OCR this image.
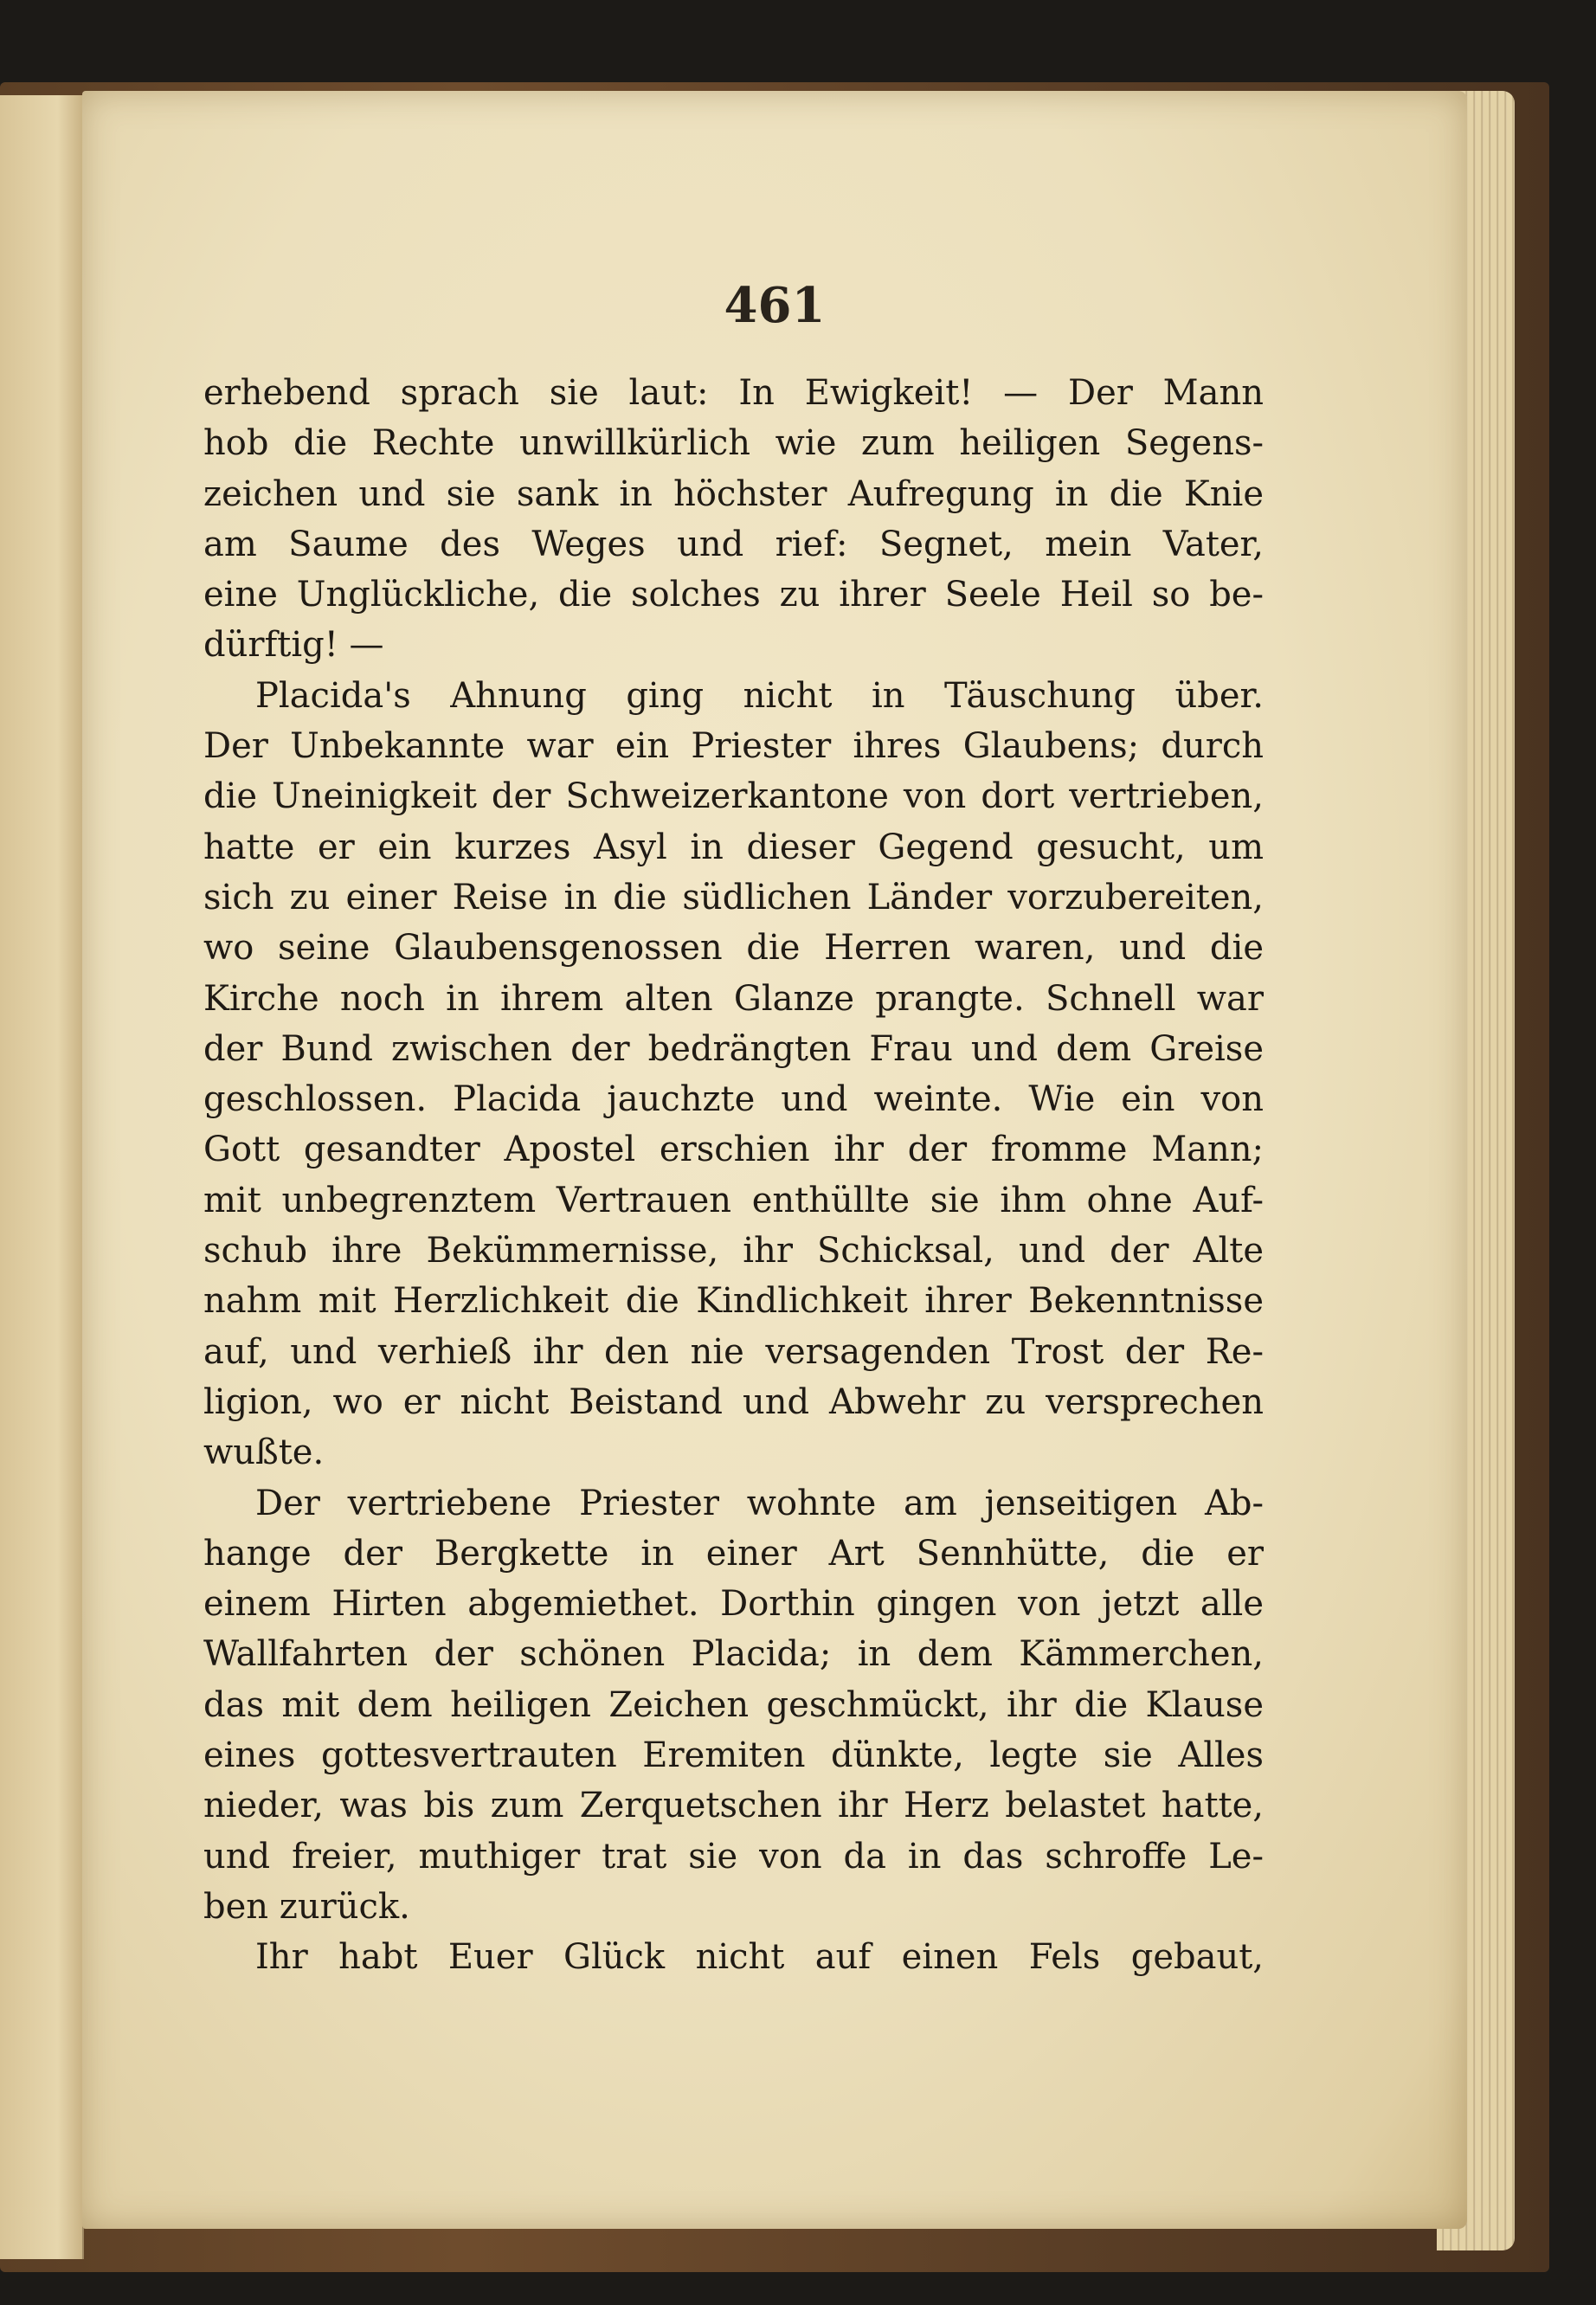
461
erhebend sprach sie laut: In Ewigkeit! — Der Mann
hob die Rechte unwillkürlich wie zum heiligen Segens-
zeichen und sie sank in höchster Aufregung in die Knie
am Saume des Weges und rief: Segnet, mein Vater,
eine Unglückliche, die solches zu ihrer Seele Heil so be-
dürftig! —
Placida's Ahnung ging nicht in Täuschung über.
Der Unbekannte war ein Priester ihres Glaubens; durch
die Uneinigkeit der Schweizerkantone von dort vertrieben,
hatte er ein kurzes Asyl in dieser Gegend gesucht, um
sich zu einer Reise in die südlichen Länder vorzubereiten,
wo seine Glaubensgenossen die Herren waren, und die
Kirche noch in ihrem alten Glanze prangte. Schnell war
der Bund zwischen der bedrängten Frau und dem Greise
geschlossen. Placida jauchzte und weinte. Wie ein von
Gott gesandter Apostel erschien ihr der fromme Mann;
mit unbegrenztem Vertrauen enthüllte sie ihm ohne Auf-
schub ihre Bekümmernisse, ihr Schicksal, und der Alte
nahm mit Herzlichkeit die Kindlichkeit ihrer Bekenntnisse
auf, und verhieß ihr den nie versagenden Trost der Re-
ligion, wo er nicht Beistand und Abwehr zu versprechen
wußte.
Der vertriebene Priester wohnte am jenseitigen Ab-
hange der Bergkette in einer Art Sennhütte, die er
einem Hirten abgemiethet. Dorthin gingen von jetzt alle
Wallfahrten der schönen Placida; in dem Kämmerchen,
das mit dem heiligen Zeichen geschmückt, ihr die Klause
eines gottesvertrauten Eremiten dünkte, legte sie Alles
nieder, was bis zum Zerquetschen ihr Herz belastet hatte,
und freier, muthiger trat sie von da in das schroffe Le-
ben zurück.
Ihr habt Euer Glück nicht auf einen Fels gebaut,
